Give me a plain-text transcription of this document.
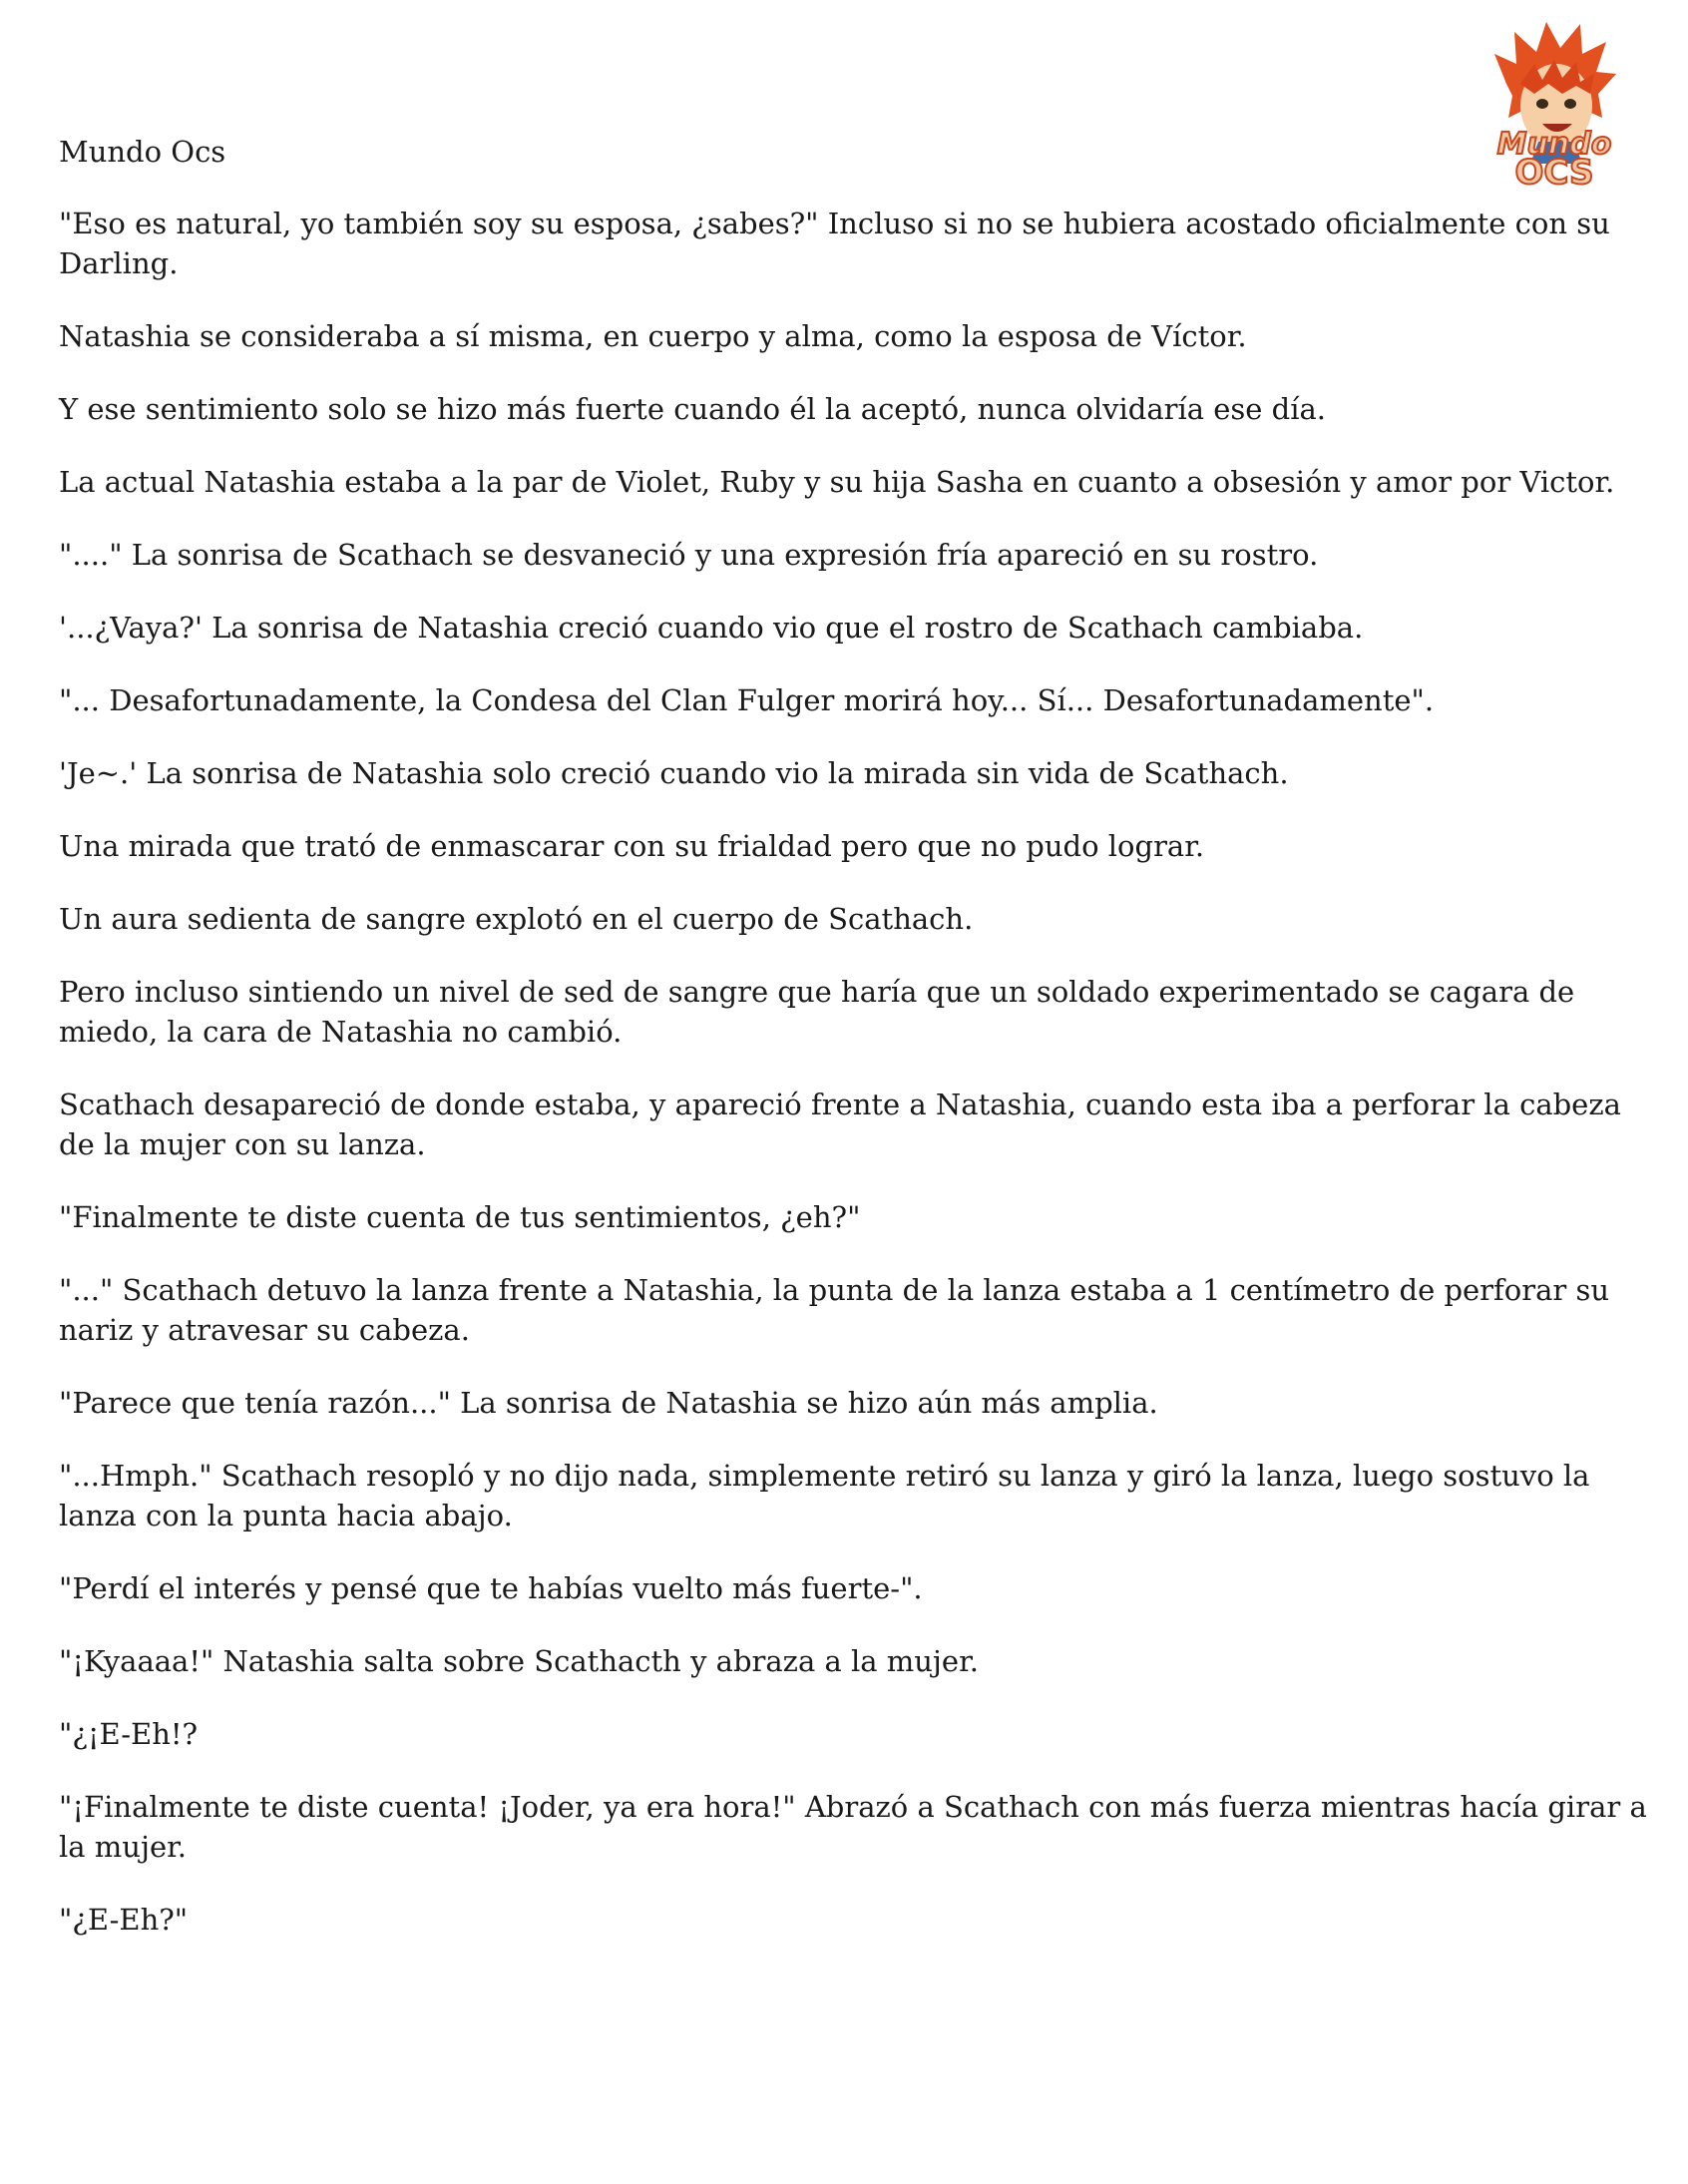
Mundo Ocs	Mundo
OCS

"Eso es natural, yo también soy su esposa, ¿sabes?" Incluso si no se hubiera acostado oficialmente con su Darling.

Natashia se consideraba a sí misma, en cuerpo y alma, como la esposa de Víctor.

Y ese sentimiento solo se hizo más fuerte cuando él la aceptó, nunca olvidaría ese día.

La actual Natashia estaba a la par de Violet, Ruby y su hija Sasha en cuanto a obsesión y amor por Victor.

"...." La sonrisa de Scathach se desvaneció y una expresión fría apareció en su rostro.

'...¿Vaya?' La sonrisa de Natashia creció cuando vio que el rostro de Scathach cambiaba.

"... Desafortunadamente, la Condesa del Clan Fulger morirá hoy... Sí... Desafortunadamente".

'Je~.' La sonrisa de Natashia solo creció cuando vio la mirada sin vida de Scathach.

Una mirada que trató de enmascarar con su frialdad pero que no pudo lograr.

Un aura sedienta de sangre explotó en el cuerpo de Scathach.

Pero incluso sintiendo un nivel de sed de sangre que haría que un soldado experimentado se cagara de miedo, la cara de Natashia no cambió.

Scathach desapareció de donde estaba, y apareció frente a Natashia, cuando esta iba a perforar la cabeza de la mujer con su lanza.

"Finalmente te diste cuenta de tus sentimientos, ¿eh?"

"..." Scathach detuvo la lanza frente a Natashia, la punta de la lanza estaba a 1 centímetro de perforar su nariz y atravesar su cabeza.

"Parece que tenía razón..." La sonrisa de Natashia se hizo aún más amplia.

"...Hmph." Scathach resopló y no dijo nada, simplemente retiró su lanza y giró la lanza, luego sostuvo la lanza con la punta hacia abajo.

"Perdí el interés y pensé que te habías vuelto más fuerte-".

"¡Kyaaaa!" Natashia salta sobre Scathacth y abraza a la mujer.

"¿¡E-Eh!?

"¡Finalmente te diste cuenta! ¡Joder, ya era hora!" Abrazó a Scathach con más fuerza mientras hacía girar a la mujer.

"¿E-Eh?"
